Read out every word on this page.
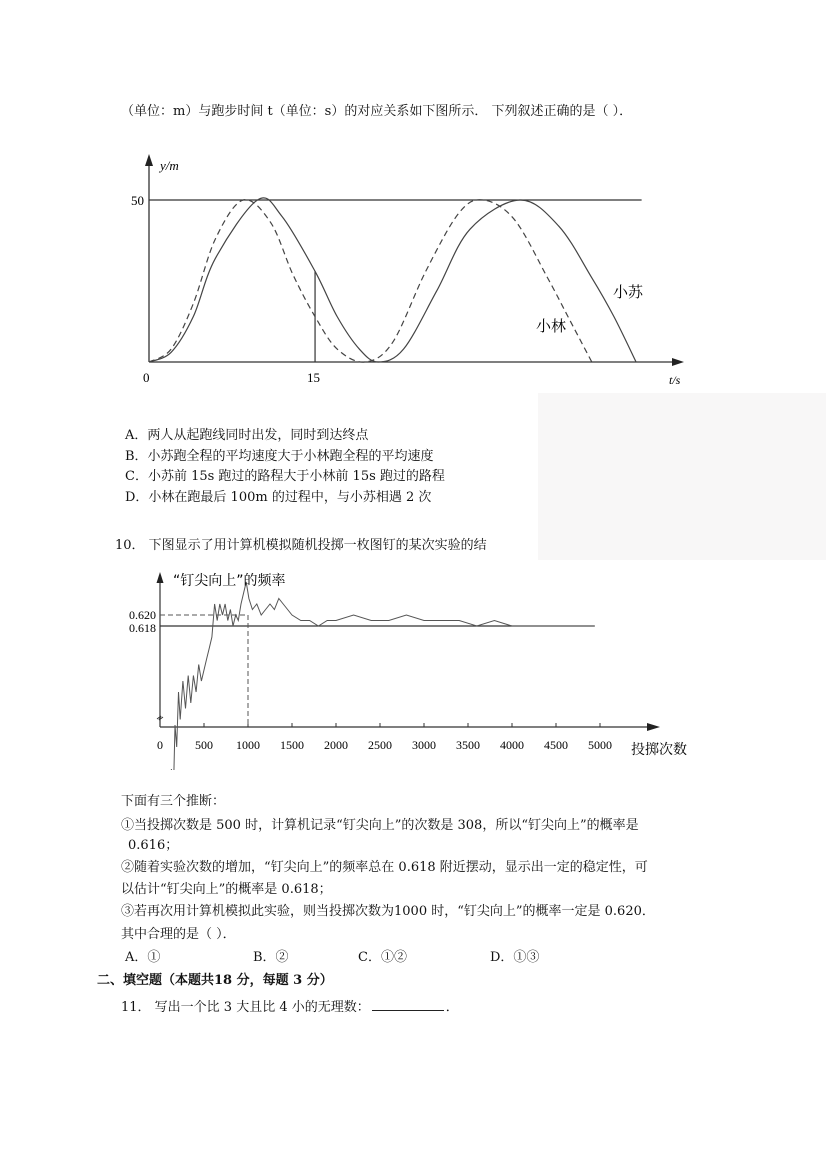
（单位：m）与跑步时间 t（单位：s）的对应关系如下图所示． 下列叙述正确的是（ ）．
y/m
50
0	15	t/s
小苏
小林
A．两人从起跑线同时出发，同时到达终点
B．小苏跑全程的平均速度大于小林跑全程的平均速度
C．小苏前 15s 跑过的路程大于小林前 15s 跑过的路程
D．小林在跑最后 100m 的过程中，与小苏相遇 2 次
10． 下图显示了用计算机模拟随机投掷一枚图钉的某次实验的结
“钉尖向上”的频率
0.620
0.618
0	500 1000 1500 2000 2500 3000 3500 4000 4500 5000 投掷次数
下面有三个推断：
①当投掷次数是 500 时，计算机记录“钉尖向上”的次数是 308，所以“钉尖向上”的概率是
0.616；
②随着实验次数的增加，“钉尖向上”的频率总在 0.618 附近摆动，显示出一定的稳定性，可
以估计“钉尖向上”的概率是 0.618；
③若再次用计算机模拟此实验，则当投掷次数为1000 时，“钉尖向上”的概率一定是 0.620．
其中合理的是（ ）．
A．①	B．②	C．①②	D．①③
二、填空题（本题共18 分，每题 3 分）
11． 写出一个比 3 大且比 4 小的无理数：	．
